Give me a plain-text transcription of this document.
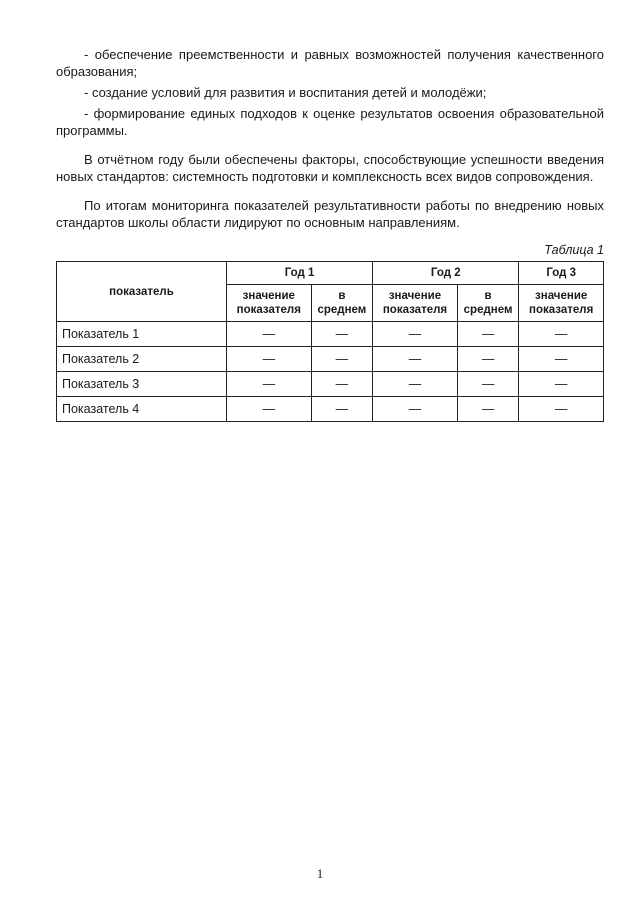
- обеспечение преемственности и равных возможностей получения качественного образования;
- создание условий для развития и воспитания детей и молодёжи;
- формирование единых подходов к оценке результатов освоения образовательной программы.

В отчётном году были обеспечены факторы, способствующие успешности введения новых стандартов: системность подготовки и комплексность всех видов сопровождения.

По итогам мониторинга показателей результативности работы по внедрению новых стандартов школы области лидируют по основным направлениям.

Таблица 1
показатель	Год 1		Год 2		Год 3
	значение показателя	в среднем	значение показателя	в среднем	значение показателя
Показатель 1	—	—	—	—	—
Показатель 2	—	—	—	—	—
Показатель 3	—	—	—	—	—
Показатель 4	—	—	—	—	—
1
